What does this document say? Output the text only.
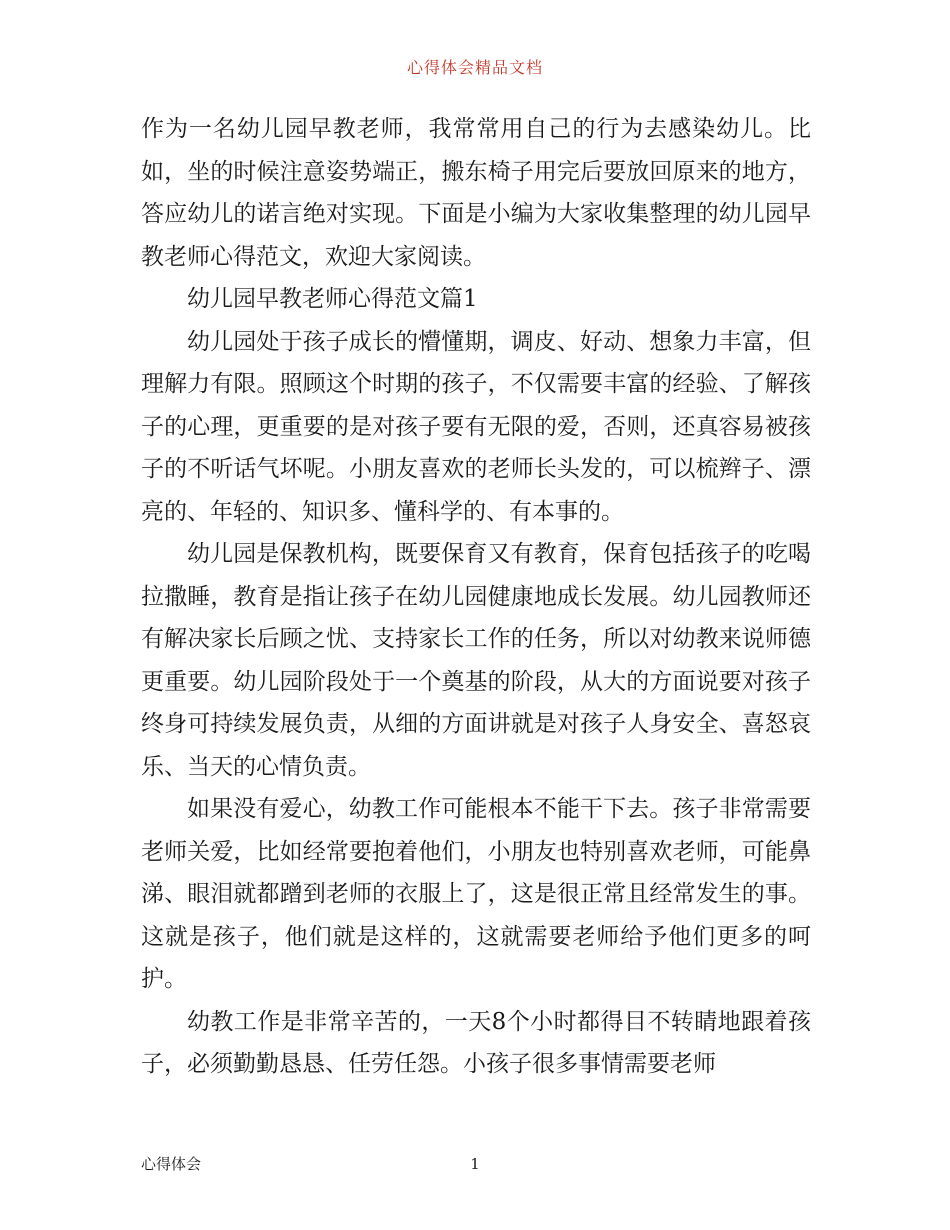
心得体会精品文档

作为一名幼儿园早教老师，我常常用自己的行为去感染幼儿。比如，坐的时候注意姿势端正，搬东椅子用完后要放回原来的地方，答应幼儿的诺言绝对实现。下面是小编为大家收集整理的幼儿园早教老师心得范文，欢迎大家阅读。

幼儿园早教老师心得范文篇1

幼儿园处于孩子成长的懵懂期，调皮、好动、想象力丰富，但理解力有限。照顾这个时期的孩子，不仅需要丰富的经验、了解孩子的心理，更重要的是对孩子要有无限的爱，否则，还真容易被孩子的不听话气坏呢。小朋友喜欢的老师长头发的，可以梳辫子、漂亮的、年轻的、知识多、懂科学的、有本事的。

幼儿园是保教机构，既要保育又有教育，保育包括孩子的吃喝拉撒睡，教育是指让孩子在幼儿园健康地成长发展。幼儿园教师还有解决家长后顾之忧、支持家长工作的任务，所以对幼教来说师德更重要。幼儿园阶段处于一个奠基的阶段，从大的方面说要对孩子终身可持续发展负责，从细的方面讲就是对孩子人身安全、喜怒哀乐、当天的心情负责。

如果没有爱心，幼教工作可能根本不能干下去。孩子非常需要老师关爱，比如经常要抱着他们，小朋友也特别喜欢老师，可能鼻涕、眼泪就都蹭到老师的衣服上了，这是很正常且经常发生的事。这就是孩子，他们就是这样的，这就需要老师给予他们更多的呵护。

幼教工作是非常辛苦的，一天8个小时都得目不转睛地跟着孩子，必须勤勤恳恳、任劳任怨。小孩子很多事情需要老师

心得体会	1
